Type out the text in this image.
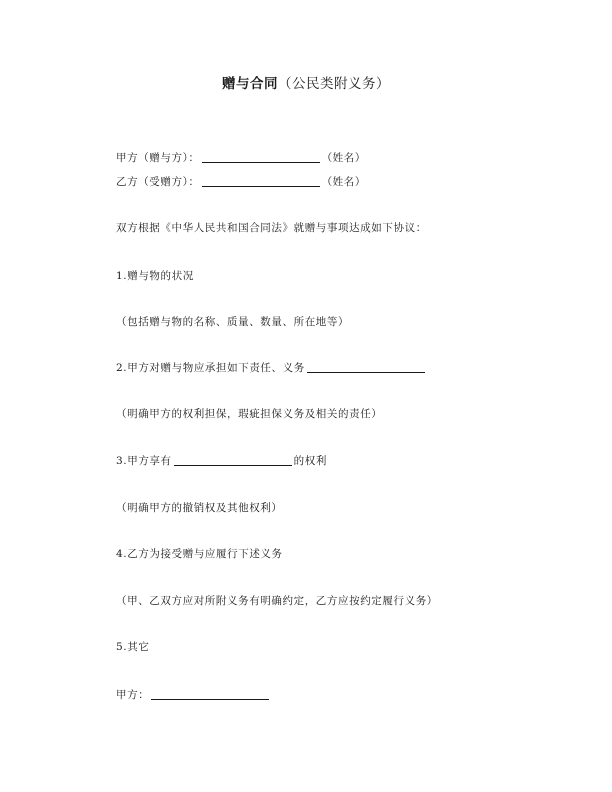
赠与合同（公民类附义务）
甲方（赠与方）：	（姓名）
乙方（受赠方）：	（姓名）
双方根据《中华人民共和国合同法》就赠与事项达成如下协议：
1.赠与物的状况
（包括赠与物的名称、质量、数量、所在地等）
2.甲方对赠与物应承担如下责任、义务
（明确甲方的权利担保，瑕疵担保义务及相关的责任）
3.甲方享有	的权利
（明确甲方的撤销权及其他权利）
4.乙方为接受赠与应履行下述义务
（甲、乙双方应对所附义务有明确约定，乙方应按约定履行义务）
5.其它
甲方：
